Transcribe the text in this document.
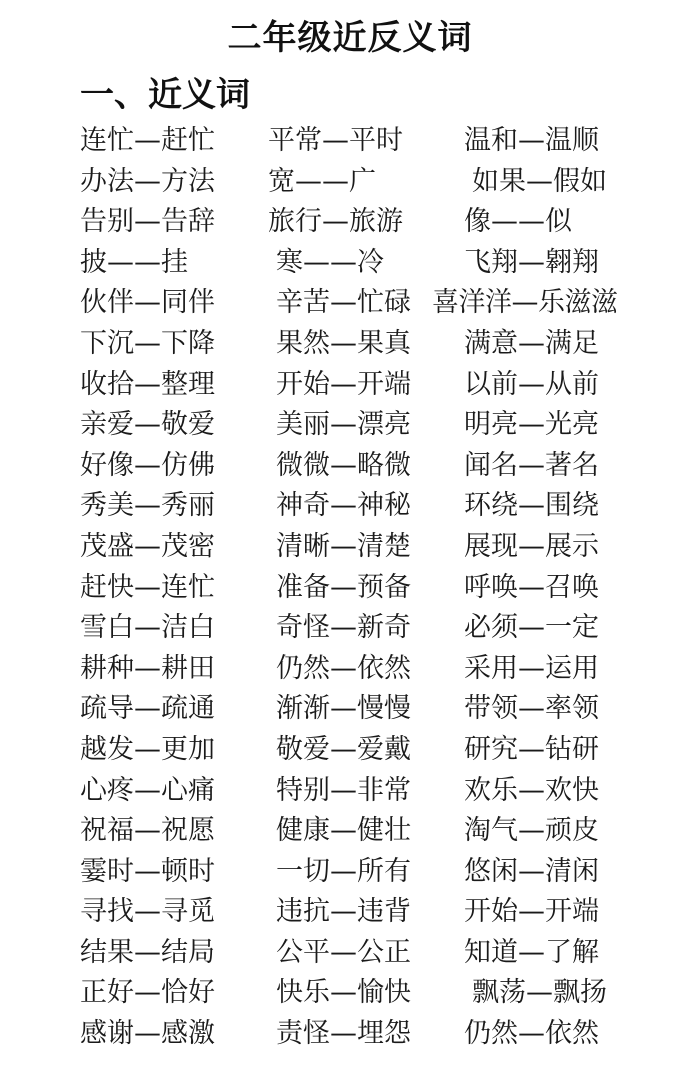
二年级近反义词
一、近义词
连忙—赶忙 平常—平时 温和—温顺
办法—方法 宽——广	如果—假如
告别—告辞 旅行—旅游 像——似
披——挂	寒——冷	飞翔—翱翔
伙伴—同伴 辛苦—忙碌 喜洋洋—乐滋滋
下沉—下降 果然—果真 满意—满足
收拾—整理 开始—开端 以前—从前
亲爱—敬爱 美丽—漂亮 明亮—光亮
好像—仿佛 微微—略微 闻名—著名
秀美—秀丽 神奇—神秘 环绕—围绕
茂盛—茂密 清晰—清楚 展现—展示
赶快—连忙 准备—预备 呼唤—召唤
雪白—洁白 奇怪—新奇 必须—一定
耕种—耕田 仍然—依然 采用—运用
疏导—疏通 渐渐—慢慢 带领—率领
越发—更加 敬爱—爱戴 研究—钻研
心疼—心痛 特别—非常 欢乐—欢快
祝福—祝愿 健康—健壮 淘气—顽皮
霎时—顿时 一切—所有 悠闲—清闲
寻找—寻觅 违抗—违背 开始—开端
结果—结局 公平—公正 知道—了解
正好—恰好 快乐—愉快 飘荡—飘扬
感谢—感激 责怪—埋怨 仍然—依然
